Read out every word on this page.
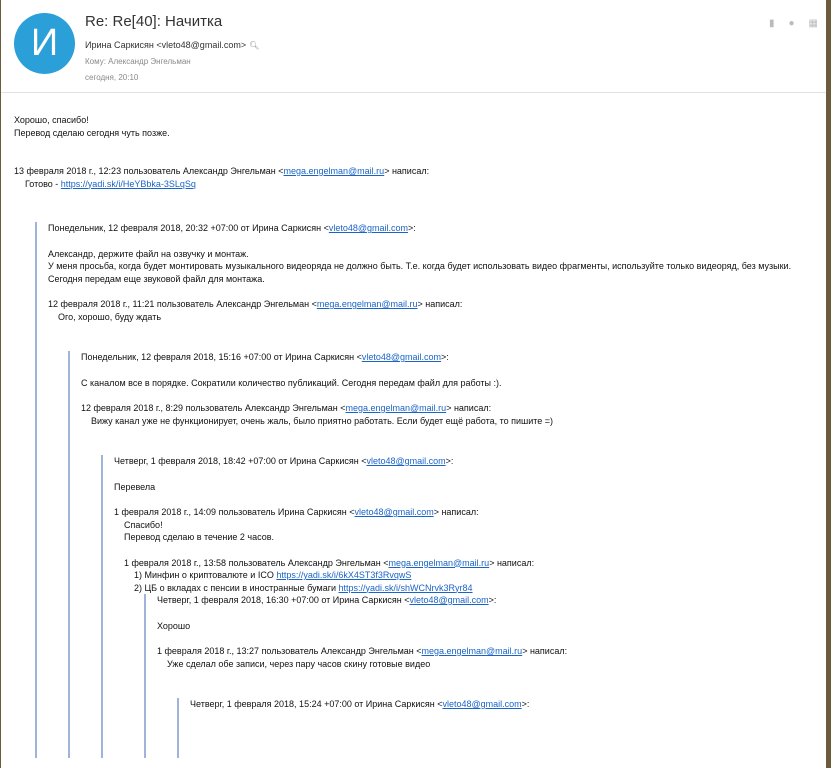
И
Re: Re[40]: Начитка
Ирина Саркисян <vleto48@gmail.com> 🔍︎
Кому: Александр Энгельман
сегодня, 20:10
▮ ● ▦

Хорошо, спасибо!

Перевод сделаю сегодня чуть позже.

13 февраля 2018 г., 12:23 пользователь Александр Энгельман <mega.engelman@mail.ru> написал:

Готово - https://yadi.sk/i/HeYBbka-3SLqSq

Понедельник, 12 февраля 2018, 20:32 +07:00 от Ирина Саркисян <vleto48@gmail.com>:

Александр, держите файл на озвучку и монтаж.

У меня просьба, когда будет монтировать музыкального видеоряда не должно быть. Т.е. когда будет использовать видео фрагменты, используйте только видеоряд, без музыки.

Сегодня передам еще звуковой файл для монтажа.

12 февраля 2018 г., 11:21 пользователь Александр Энгельман <mega.engelman@mail.ru> написал:

Ого, хорошо, буду ждать

Понедельник, 12 февраля 2018, 15:16 +07:00 от Ирина Саркисян <vleto48@gmail.com>:

С каналом все в порядке. Сократили количество публикаций. Сегодня передам файл для работы :).

12 февраля 2018 г., 8:29 пользователь Александр Энгельман <mega.engelman@mail.ru> написал:

Вижу канал уже не функционирует, очень жаль, было приятно работать. Если будет ещё работа, то пишите =)

Четверг, 1 февраля 2018, 18:42 +07:00 от Ирина Саркисян <vleto48@gmail.com>:

Перевела

1 февраля 2018 г., 14:09 пользователь Ирина Саркисян <vleto48@gmail.com> написал:

Спасибо!

Перевод сделаю в течение 2 часов.

1 февраля 2018 г., 13:58 пользователь Александр Энгельман <mega.engelman@mail.ru> написал:

1) Минфин о криптовалюте и ICO https://yadi.sk/i/6kX4ST3f3RvqwS

2) ЦБ о вкладах с пенсии в иностранные бумаги https://yadi.sk/i/shWCNrvk3Ryr84

Четверг, 1 февраля 2018, 16:30 +07:00 от Ирина Саркисян <vleto48@gmail.com>:

Хорошо

1 февраля 2018 г., 13:27 пользователь Александр Энгельман <mega.engelman@mail.ru> написал:

Уже сделал обе записи, через пару часов скину готовые видео

Четверг, 1 февраля 2018, 15:24 +07:00 от Ирина Саркисян <vleto48@gmail.com>:
